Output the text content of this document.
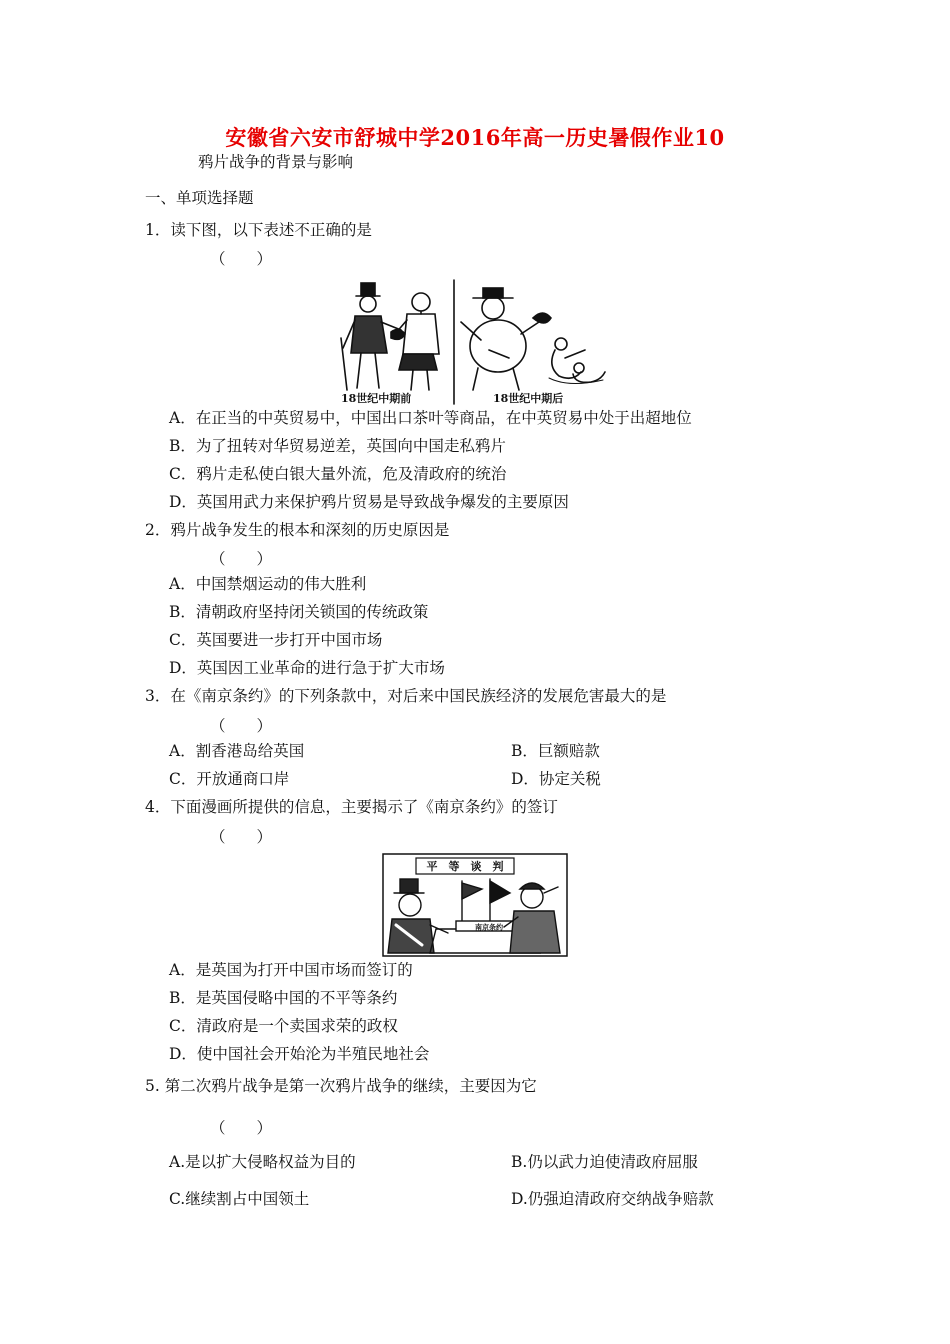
安徽省六安市舒城中学2016年高一历史暑假作业10
鸦片战争的背景与影响
一、单项选择题
1．读下图，以下表述不正确的是
（　　）
18世纪中期前	18世纪中期后
A．在正当的中英贸易中，中国出口茶叶等商品，在中英贸易中处于出超地位
B．为了扭转对华贸易逆差，英国向中国走私鸦片
C．鸦片走私使白银大量外流，危及清政府的统治
D．英国用武力来保护鸦片贸易是导致战争爆发的主要原因
2．鸦片战争发生的根本和深刻的历史原因是
（　　）
A．中国禁烟运动的伟大胜利
B．清朝政府坚持闭关锁国的传统政策
C．英国要进一步打开中国市场
D．英国因工业革命的进行急于扩大市场
3．在《南京条约》的下列条款中，对后来中国民族经济的发展危害最大的是
（　　）
A．割香港岛给英国	B．巨额赔款
C．开放通商口岸	D．协定关税
4．下面漫画所提供的信息，主要揭示了《南京条约》的签订
（　　）
平　等　谈　判
南京条约
A．是英国为打开中国市场而签订的
B．是英国侵略中国的不平等条约
C．清政府是一个卖国求荣的政权
D．使中国社会开始沦为半殖民地社会
5. 第二次鸦片战争是第一次鸦片战争的继续，主要因为它
（　　）
A.是以扩大侵略权益为目的	B.仍以武力迫使清政府屈服
C.继续割占中国领土	D.仍强迫清政府交纳战争赔款
